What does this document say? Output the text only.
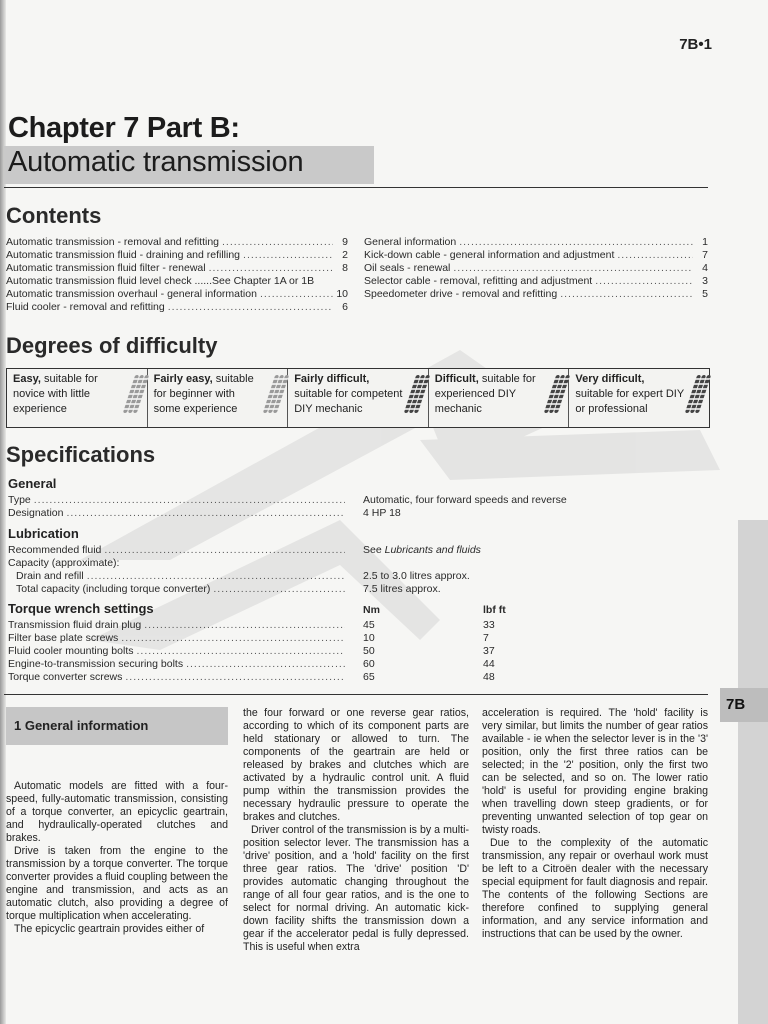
7B•1
Chapter 7 Part B:
Automatic transmission
Contents
Automatic transmission - removal and refitting .....	9
Automatic transmission fluid - draining and refilling .....	2
Automatic transmission fluid filter - renewal .....	8
Automatic transmission fluid level check ......See Chapter 1A or 1B
Automatic transmission overhaul - general information .....	10
Fluid cooler - removal and refitting .....	6
General information .....	1
Kick-down cable - general information and adjustment .....	7
Oil seals - renewal .....	4
Selector cable - removal, refitting and adjustment .....	3
Speedometer drive - removal and refitting .....	5
Degrees of difficulty
Easy, suitable for
novice with little
experience
Fairly easy, suitable
for beginner with
some experience
Fairly difficult,
suitable for competent
DIY mechanic
Difficult, suitable for
experienced DIY
mechanic
Very difficult,
suitable for expert DIY
or professional
Specifications
General
Type .....	Automatic, four forward speeds and reverse
Designation .....	4 HP 18
Lubrication
Recommended fluid .....	See Lubricants and fluids
Capacity (approximate):
Drain and refill .....	2.5 to 3.0 litres approx.
Total capacity (including torque converter) .....	7.5 litres approx.
Torque wrench settings	Nm	lbf ft
Transmission fluid drain plug .....	45	33
Filter base plate screws .....	10	7
Fluid cooler mounting bolts .....	50	37
Engine-to-transmission securing bolts .....	60	44
Torque converter screws .....	65	48
7B
1 General information

Automatic models are fitted with a four-speed, fully-automatic transmission, consisting of a torque converter, an epicyclic geartrain, and hydraulically-operated clutches and brakes.

Drive is taken from the engine to the transmission by a torque converter. The torque converter provides a fluid coupling between the engine and transmission, and acts as an automatic clutch, also providing a degree of torque multiplication when accelerating.

The epicyclic geartrain provides either of

the four forward or one reverse gear ratios, according to which of its component parts are held stationary or allowed to turn. The components of the geartrain are held or released by brakes and clutches which are activated by a hydraulic control unit. A fluid pump within the transmission provides the necessary hydraulic pressure to operate the brakes and clutches.

Driver control of the transmission is by a multi-position selector lever. The transmission has a 'drive' position, and a 'hold' facility on the first three gear ratios. The 'drive' position 'D' provides automatic changing throughout the range of all four gear ratios, and is the one to select for normal driving. An automatic kick-down facility shifts the transmission down a gear if the accelerator pedal is fully depressed. This is useful when extra

acceleration is required. The 'hold' facility is very similar, but limits the number of gear ratios available - ie when the selector lever is in the '3' position, only the first three ratios can be selected; in the '2' position, only the first two can be selected, and so on. The lower ratio 'hold' is useful for providing engine braking when travelling down steep gradients, or for preventing unwanted selection of top gear on twisty roads.

Due to the complexity of the automatic transmission, any repair or overhaul work must be left to a Citroën dealer with the necessary special equipment for fault diagnosis and repair. The contents of the following Sections are therefore confined to supplying general information, and any service information and instructions that can be used by the owner.
